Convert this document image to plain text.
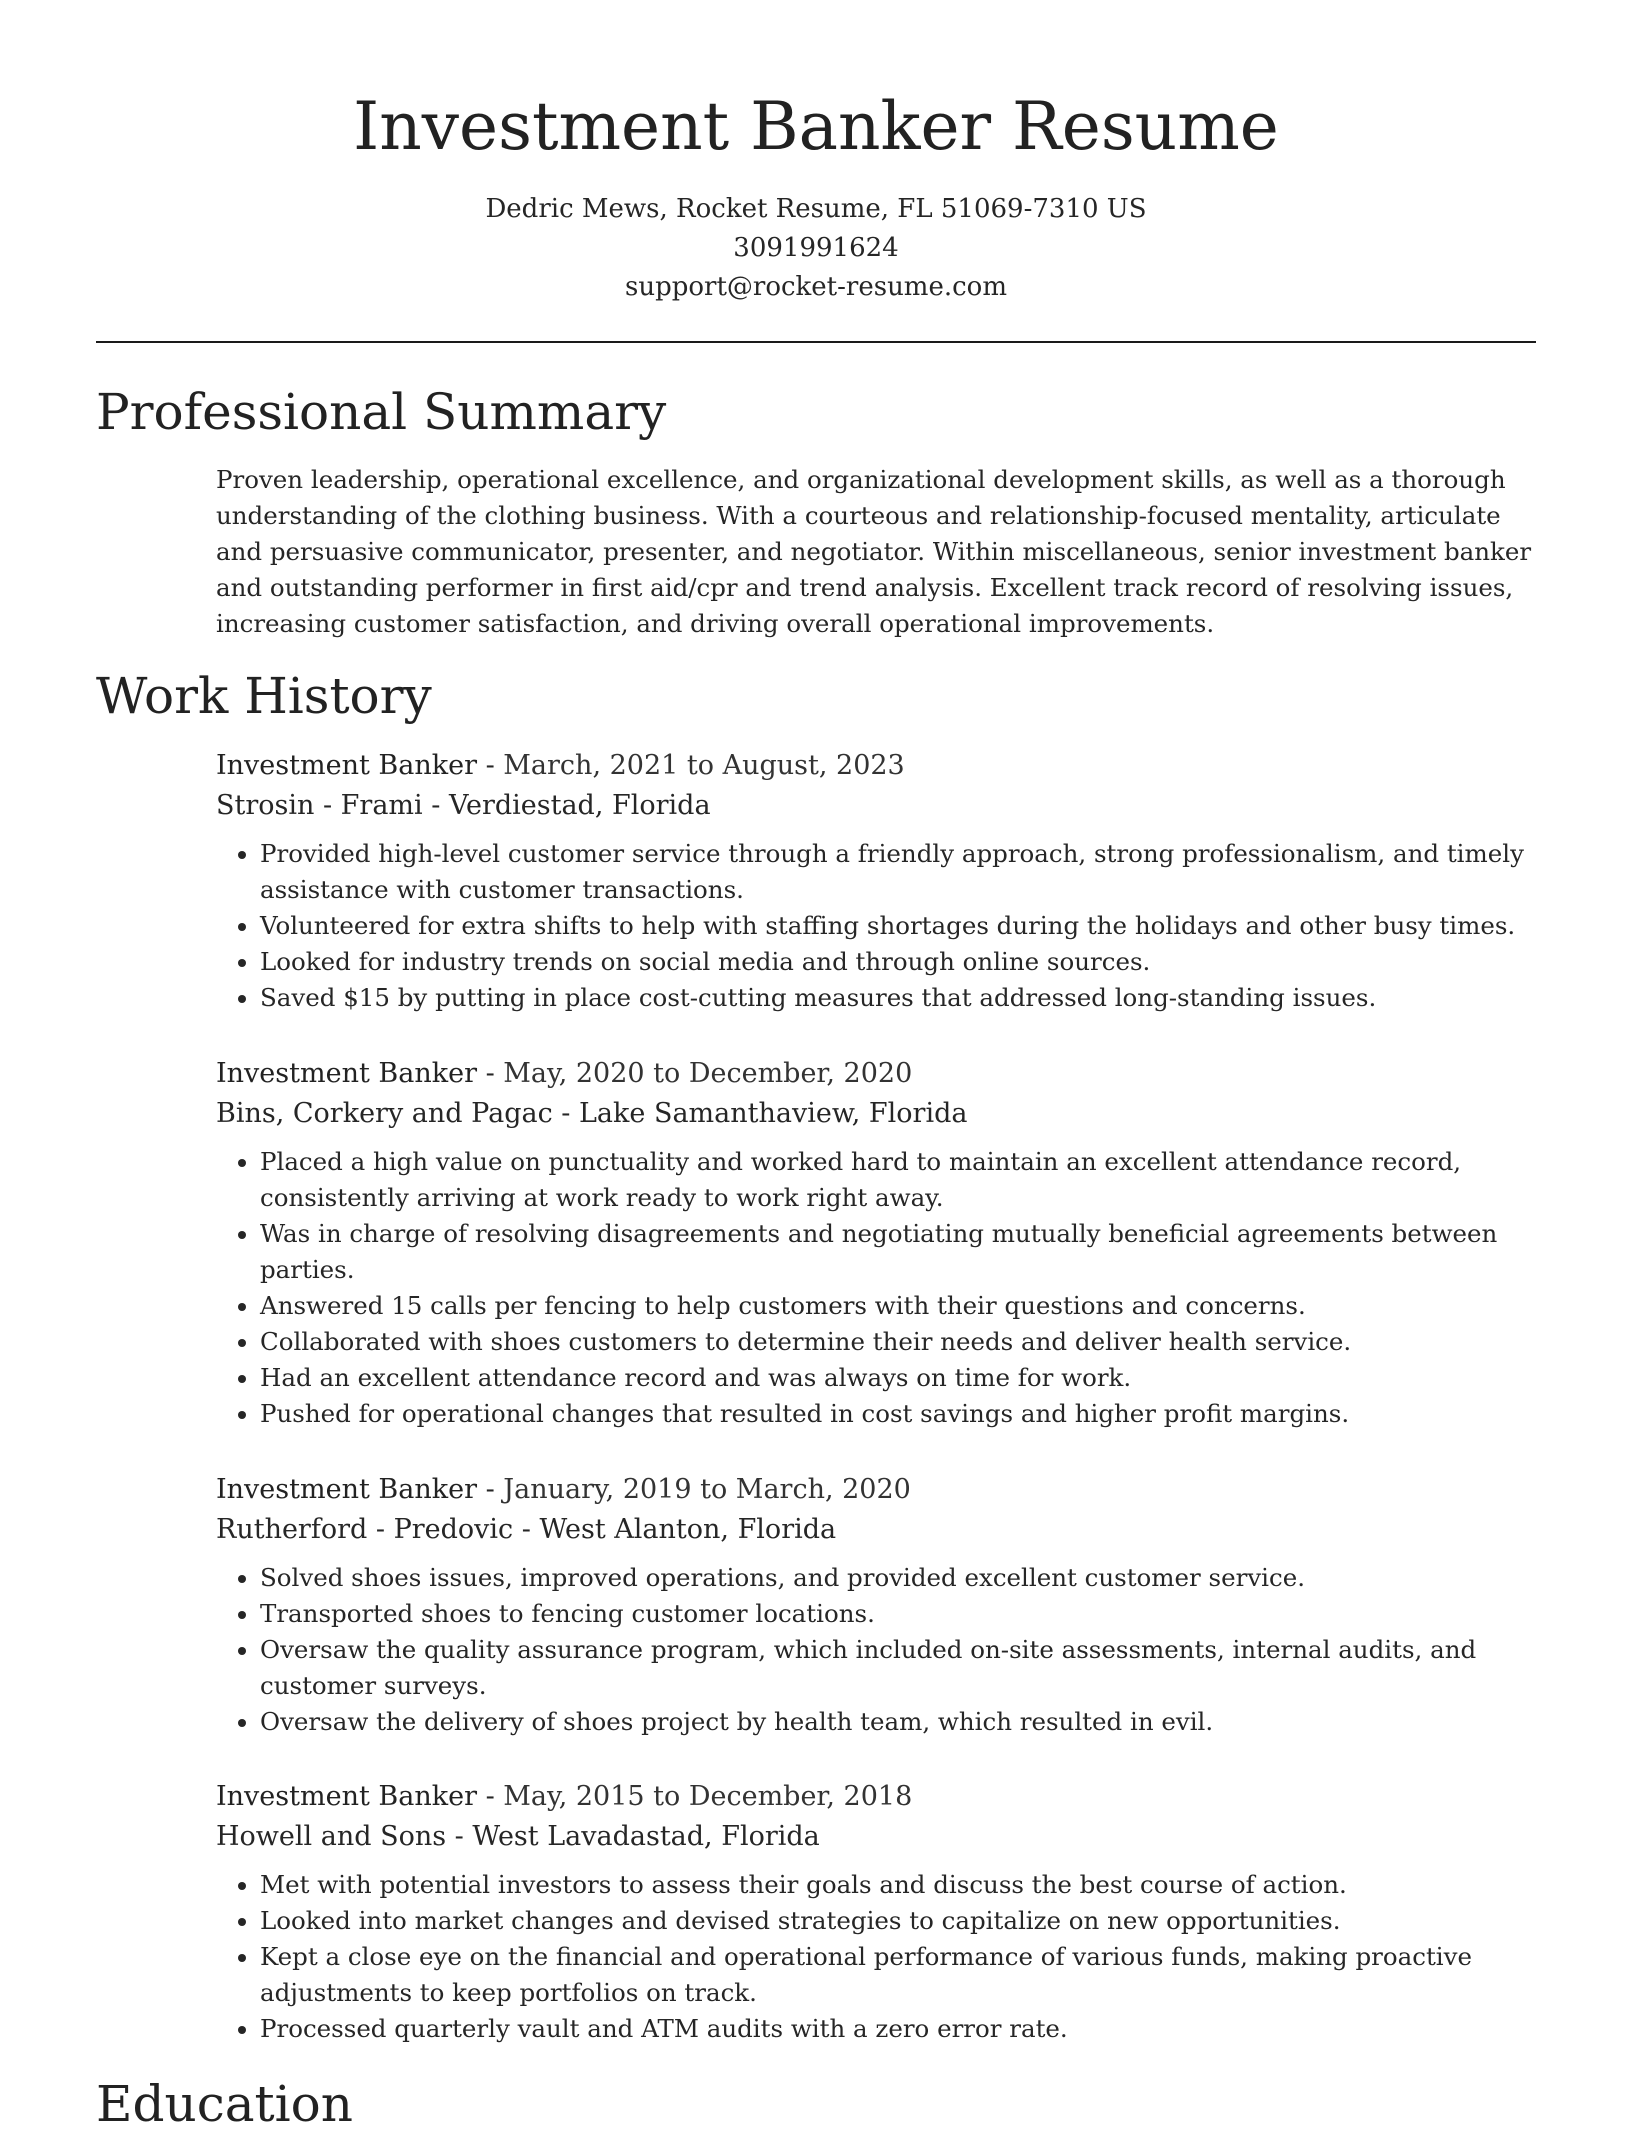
Investment Banker Resume
Dedric Mews, Rocket Resume, FL 51069-7310 US
3091991624
support@rocket-resume.com
Professional Summary

Proven leadership, operational excellence, and organizational development skills, as well as a thorough understanding of the clothing business. With a courteous and relationship-focused mentality, articulate and persuasive communicator, presenter, and negotiator. Within miscellaneous, senior investment banker and outstanding performer in first aid/cpr and trend analysis. Excellent track record of resolving issues, increasing customer satisfaction, and driving overall operational improvements.

Work History

Investment Banker - March, 2021 to August, 2023

Strosin - Frami - Verdiestad, Florida

• Provided high-level customer service through a friendly approach, strong professionalism, and timely assistance with customer transactions.
• Volunteered for extra shifts to help with staffing shortages during the holidays and other busy times.
• Looked for industry trends on social media and through online sources.
• Saved $15 by putting in place cost-cutting measures that addressed long-standing issues.

Investment Banker - May, 2020 to December, 2020

Bins, Corkery and Pagac - Lake Samanthaview, Florida

• Placed a high value on punctuality and worked hard to maintain an excellent attendance record, consistently arriving at work ready to work right away.
• Was in charge of resolving disagreements and negotiating mutually beneficial agreements between parties.
• Answered 15 calls per fencing to help customers with their questions and concerns.
• Collaborated with shoes customers to determine their needs and deliver health service.
• Had an excellent attendance record and was always on time for work.
• Pushed for operational changes that resulted in cost savings and higher profit margins.

Investment Banker - January, 2019 to March, 2020

Rutherford - Predovic - West Alanton, Florida

• Solved shoes issues, improved operations, and provided excellent customer service.
• Transported shoes to fencing customer locations.
• Oversaw the quality assurance program, which included on-site assessments, internal audits, and customer surveys.
• Oversaw the delivery of shoes project by health team, which resulted in evil.

Investment Banker - May, 2015 to December, 2018

Howell and Sons - West Lavadastad, Florida

• Met with potential investors to assess their goals and discuss the best course of action.
• Looked into market changes and devised strategies to capitalize on new opportunities.
• Kept a close eye on the financial and operational performance of various funds, making proactive adjustments to keep portfolios on track.
• Processed quarterly vault and ATM audits with a zero error rate.
Education
